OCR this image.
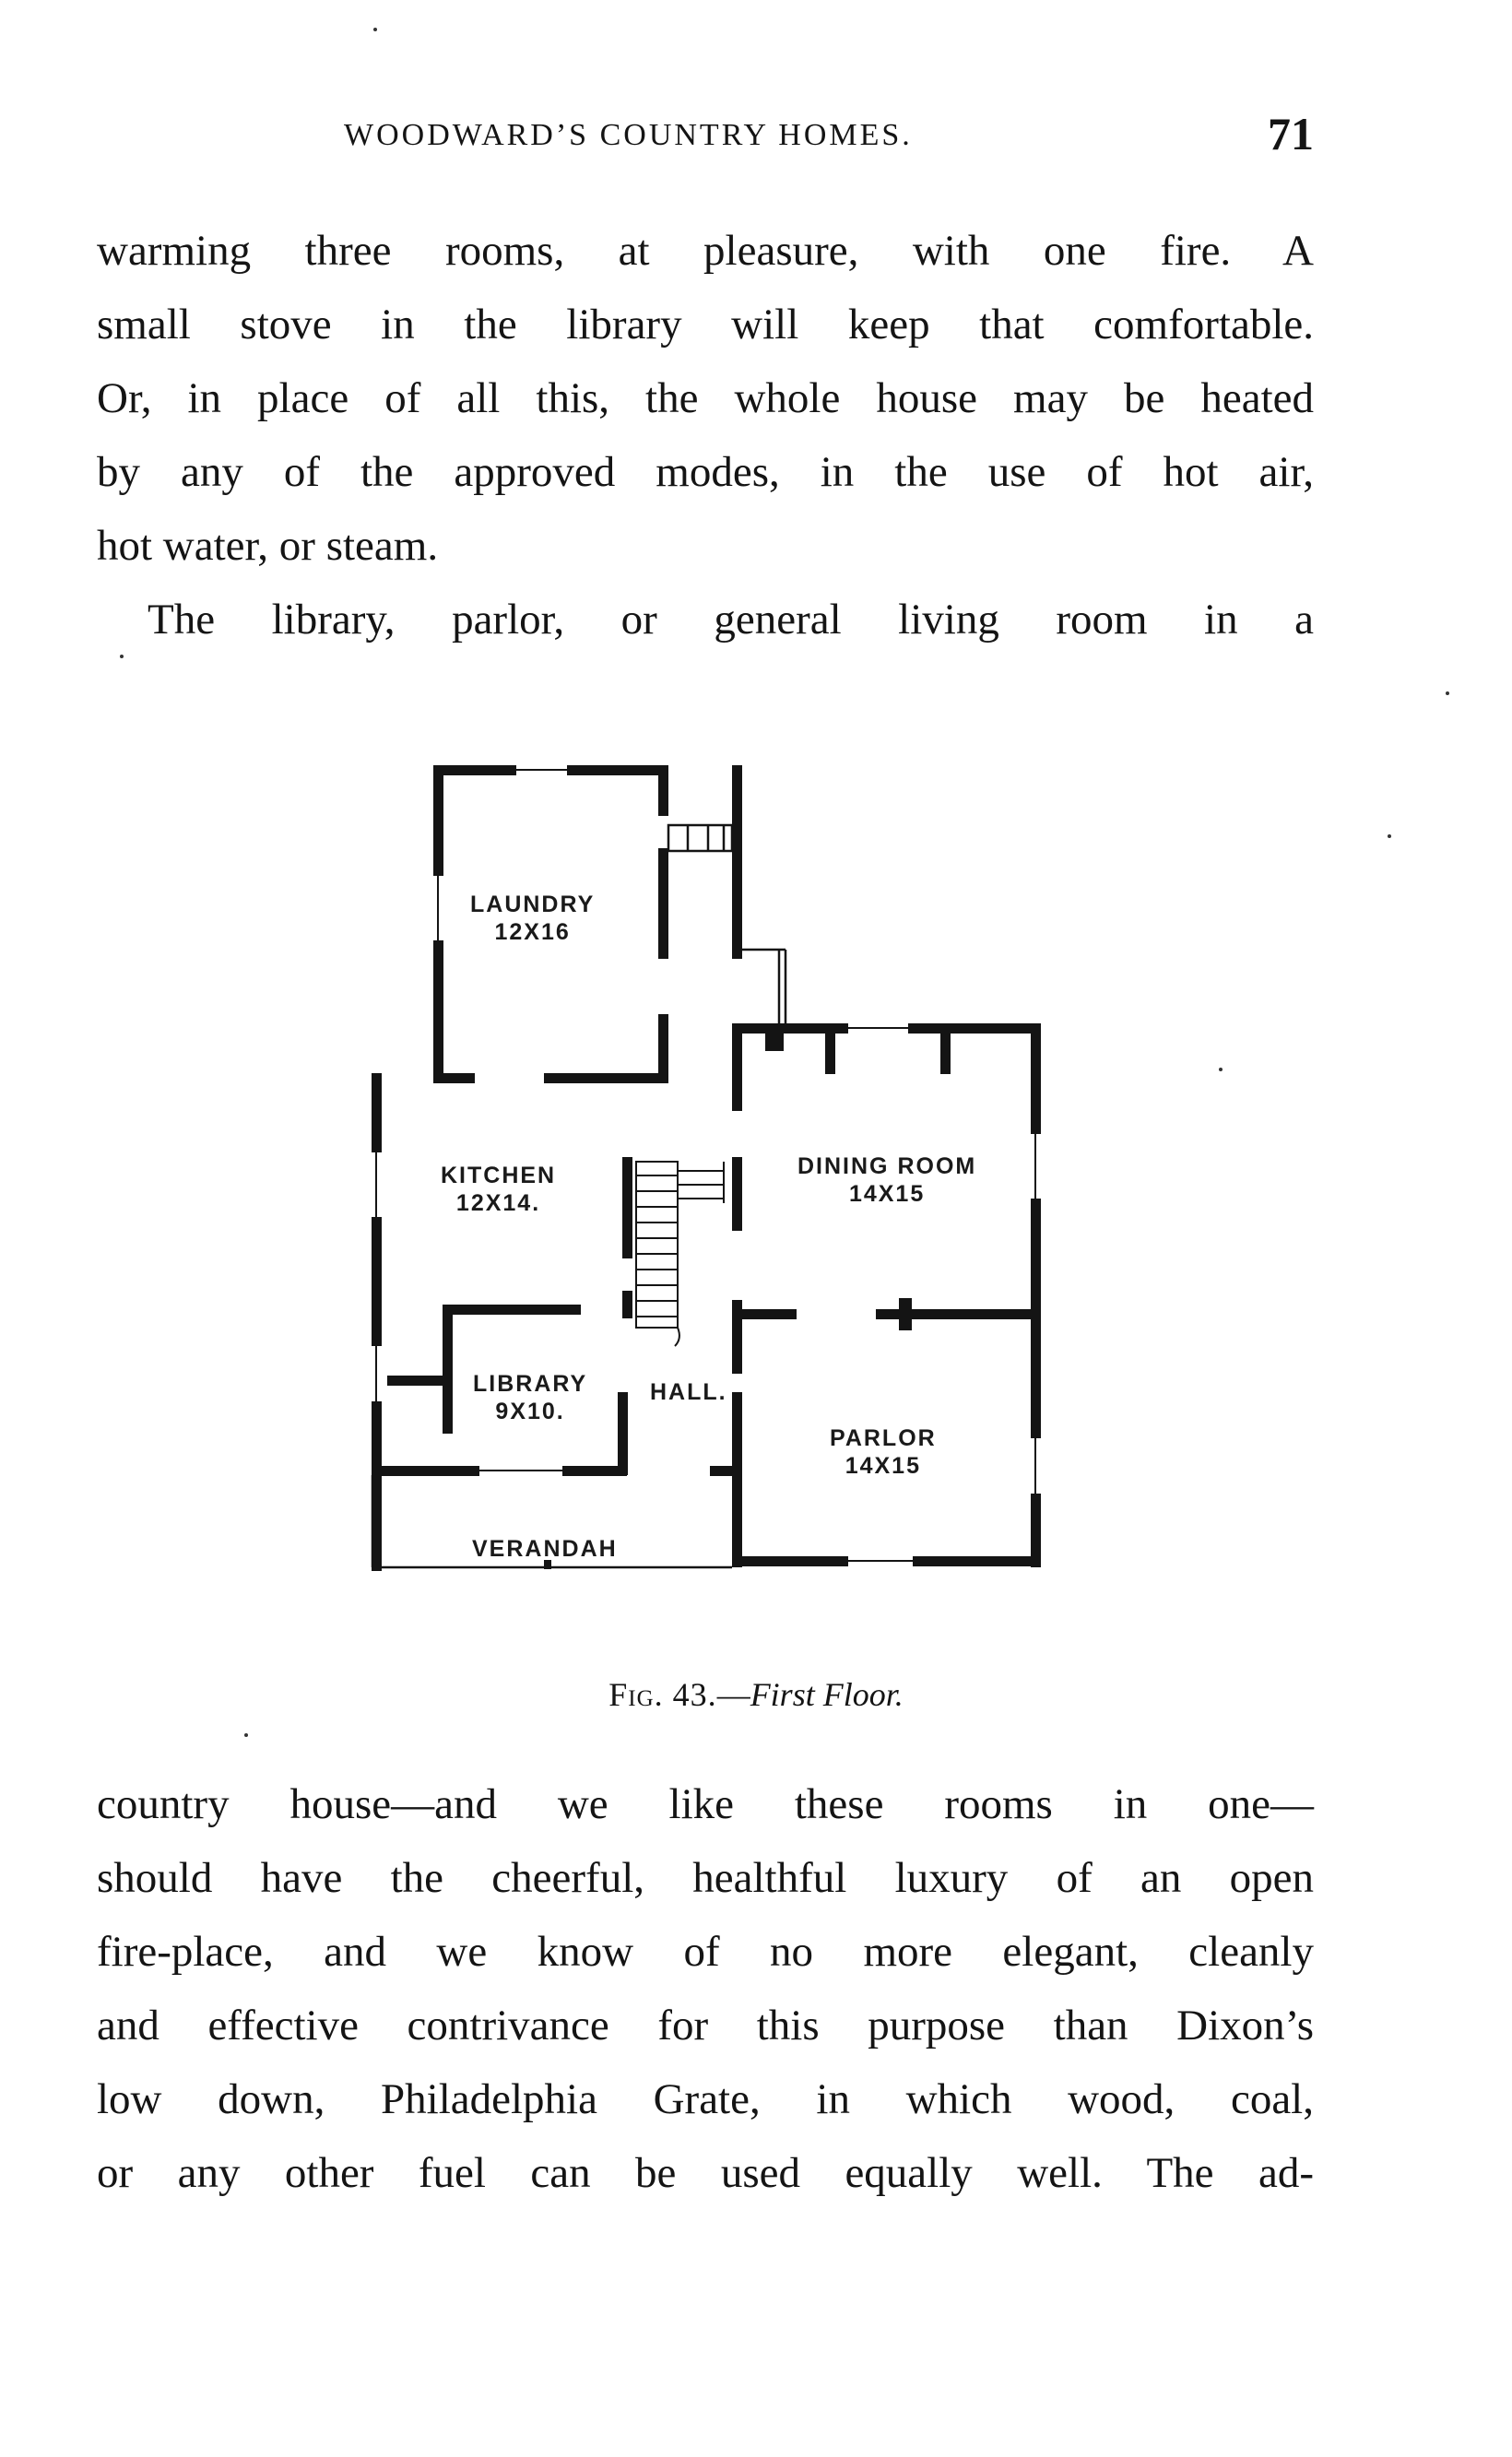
WOODWARD’S COUNTRY HOMES.	71
warming three rooms, at pleasure, with one fire. A
small stove in the library will keep that comfortable.
Or, in place of all this, the whole house may be heated
by any of the approved modes, in the use of hot air,
hot water, or steam.
The library, parlor, or general living room in a
LAUNDRY
12X16
KITCHEN
12X14.
DINING ROOM
14X15
LIBRARY
9X10.
HALL.
PARLOR
14X15
VERANDAH
Fig. 43.—First Floor.
country house—and we like these rooms in one—
should have the cheerful, healthful luxury of an open
fire-place, and we know of no more elegant, cleanly
and effective contrivance for this purpose than Dixon’s
low down, Philadelphia Grate, in which wood, coal,
or any other fuel can be used equally well. The ad-
